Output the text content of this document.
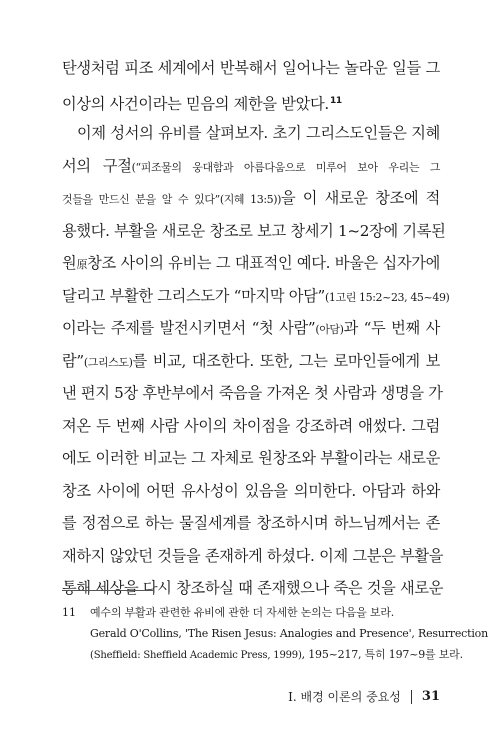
탄생처럼 피조 세계에서 반복해서 일어나는 놀라운 일들 그
이상의 사건이라는 믿음의 제한을 받았다.$^{11}$
이제 성서의 유비를 살펴보자. 초기 그리스도인들은 지혜
서의 구절(“피조물의 웅대함과 아름다움으로 미루어 보아 우리는 그
것들을 만드신 분을 알 수 있다”(지혜 13:5))을 이 새로운 창조에 적
용했다. 부활을 새로운 창조로 보고 창세기 1~2장에 기록된
원原창조 사이의 유비는 그 대표적인 예다. 바울은 십자가에
달리고 부활한 그리스도가 “마지막 아담”(1고린 15:2~23, 45~49)
이라는 주제를 발전시키면서 “첫 사람”(아담)과 “두 번째 사
람”(그리스도)를 비교, 대조한다. 또한, 그는 로마인들에게 보
낸 편지 5장 후반부에서 죽음을 가져온 첫 사람과 생명을 가
져온 두 번째 사람 사이의 차이점을 강조하려 애썼다. 그럼
에도 이러한 비교는 그 자체로 원창조와 부활이라는 새로운
창조 사이에 어떤 유사성이 있음을 의미한다. 아담과 하와
를 정점으로 하는 물질세계를 창조하시며 하느님께서는 존
재하지 않았던 것들을 존재하게 하셨다. 이제 그분은 부활을
통해 세상을 다시 창조하실 때 존재했으나 죽은 것을 새로운
11	예수의 부활과 관련한 유비에 관한 더 자세한 논의는 다음을 보라.
Gerald O'Collins, 'The Risen Jesus: Analogies and Presence', Resurrection
(Sheffield: Sheffield Academic Press, 1999), 195~217, 특히 197~9를 보라.
I. 배경 이론의 중요성 31
